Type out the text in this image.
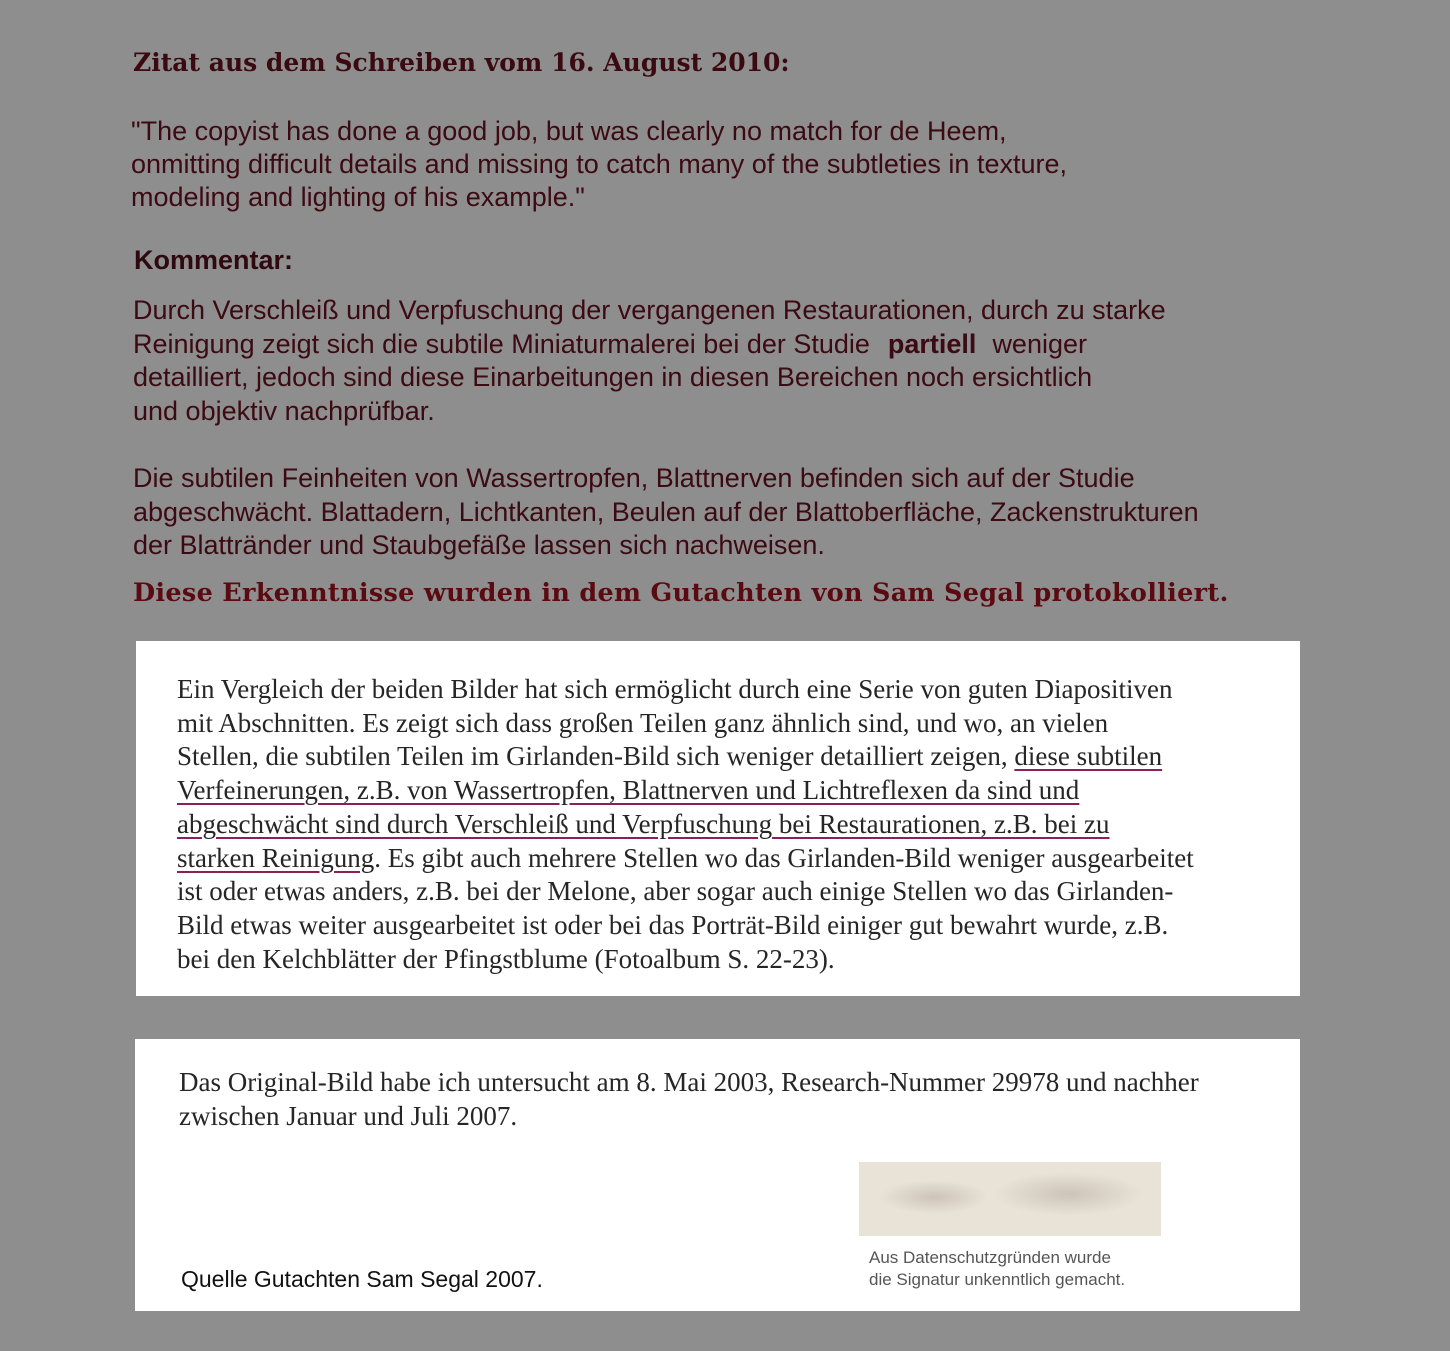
Zitat aus dem Schreiben vom 16. August 2010:
"The copyist has done a good job, but was clearly no match for de Heem,
onmitting difficult details and missing to catch many of the subtleties in texture,
modeling and lighting of his example."
Kommentar:
Durch Verschleiß und Verpfuschung der vergangenen Restaurationen, durch zu starke
Reinigung zeigt sich die subtile Miniaturmalerei bei der Studie partiell weniger
detailliert, jedoch sind diese Einarbeitungen in diesen Bereichen noch ersichtlich
und objektiv nachprüfbar.
Die subtilen Feinheiten von Wassertropfen, Blattnerven befinden sich auf der Studie
abgeschwächt. Blattadern, Lichtkanten, Beulen auf der Blattoberfläche, Zackenstrukturen
der Blattränder und Staubgefäße lassen sich nachweisen.
Diese Erkenntnisse wurden in dem Gutachten von Sam Segal protokolliert.
Ein Vergleich der beiden Bilder hat sich ermöglicht durch eine Serie von guten Diapositiven
mit Abschnitten. Es zeigt sich dass großen Teilen ganz ähnlich sind, und wo, an vielen
Stellen, die subtilen Teilen im Girlanden-Bild sich weniger detailliert zeigen, diese subtilen
Verfeinerungen, z.B. von Wassertropfen, Blattnerven und Lichtreflexen da sind und
abgeschwächt sind durch Verschleiß und Verpfuschung bei Restaurationen, z.B. bei zu
starken Reinigung. Es gibt auch mehrere Stellen wo das Girlanden-Bild weniger ausgearbeitet
ist oder etwas anders, z.B. bei der Melone, aber sogar auch einige Stellen wo das Girlanden-
Bild etwas weiter ausgearbeitet ist oder bei das Porträt-Bild einiger gut bewahrt wurde, z.B.
bei den Kelchblätter der Pfingstblume (Fotoalbum S. 22-23).
Das Original-Bild habe ich untersucht am 8. Mai 2003, Research-Nummer 29978 und nachher
zwischen Januar und Juli 2007.
Aus Datenschutzgründen wurde
die Signatur unkenntlich gemacht.
Quelle Gutachten Sam Segal 2007.
